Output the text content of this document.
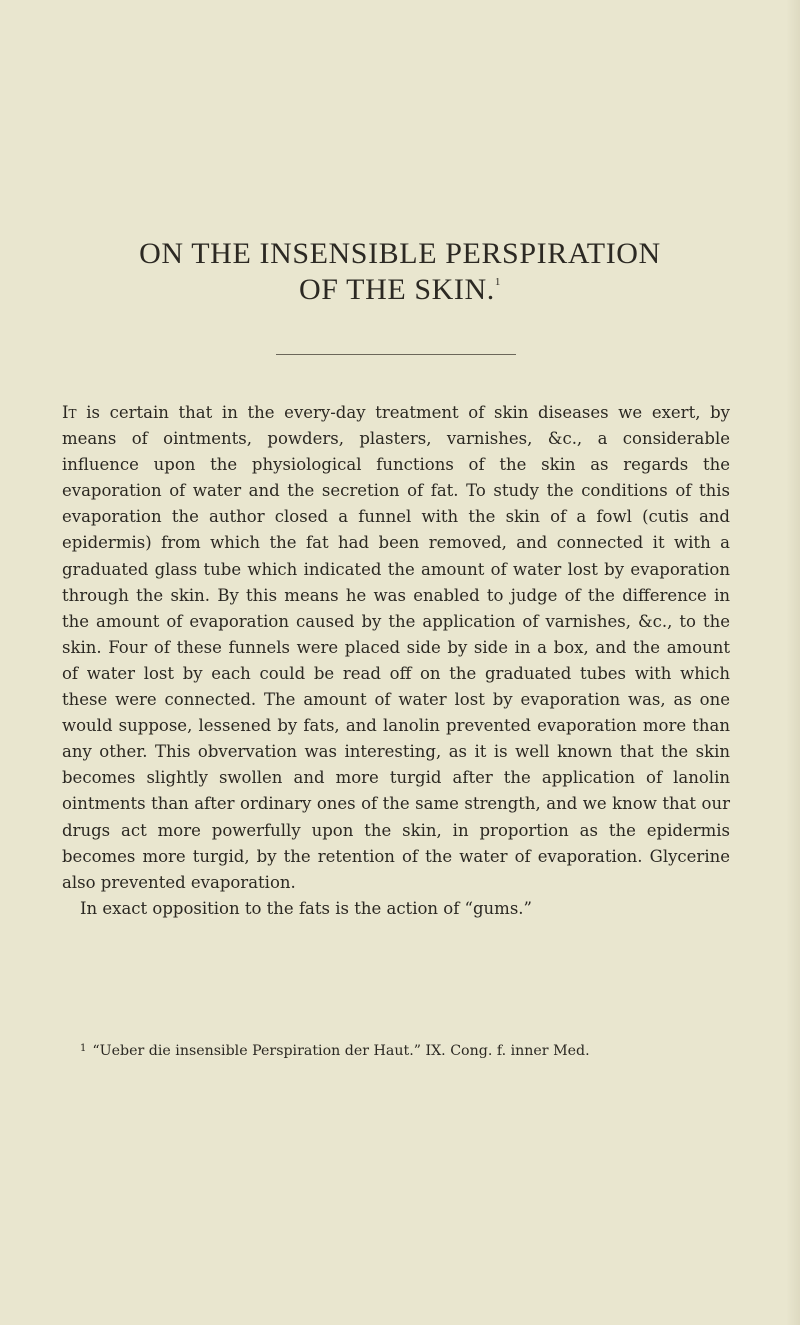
ON THE INSENSIBLE PERSPIRATION
OF THE SKIN.$^1$

It is certain that in the every-day treatment of skin diseases we exert, by means of ointments, powders, plasters, varnishes, &c., a considerable influence upon the physiological functions of the skin as regards the evaporation of water and the secretion of fat. To study the conditions of this evaporation the author closed a funnel with the skin of a fowl (cutis and epidermis) from which the fat had been removed, and connected it with a graduated glass tube which indicated the amount of water lost by evaporation through the skin. By this means he was enabled to judge of the difference in the amount of evaporation caused by the application of varnishes, &c., to the skin. Four of these funnels were placed side by side in a box, and the amount of water lost by each could be read off on the graduated tubes with which these were connected. The amount of water lost by evaporation was, as one would suppose, lessened by fats, and lanolin prevented evaporation more than any other. This obvervation was interesting, as it is well known that the skin becomes slightly swollen and more turgid after the application of lanolin ointments than after ordinary ones of the same strength, and we know that our drugs act more powerfully upon the skin, in proportion as the epidermis becomes more turgid, by the retention of the water of evaporation. Glycerine also prevented evaporation.

In exact opposition to the fats is the action of “gums.”

$^1$ “Ueber die insensible Perspiration der Haut.” IX. Cong. f. inner Med.
